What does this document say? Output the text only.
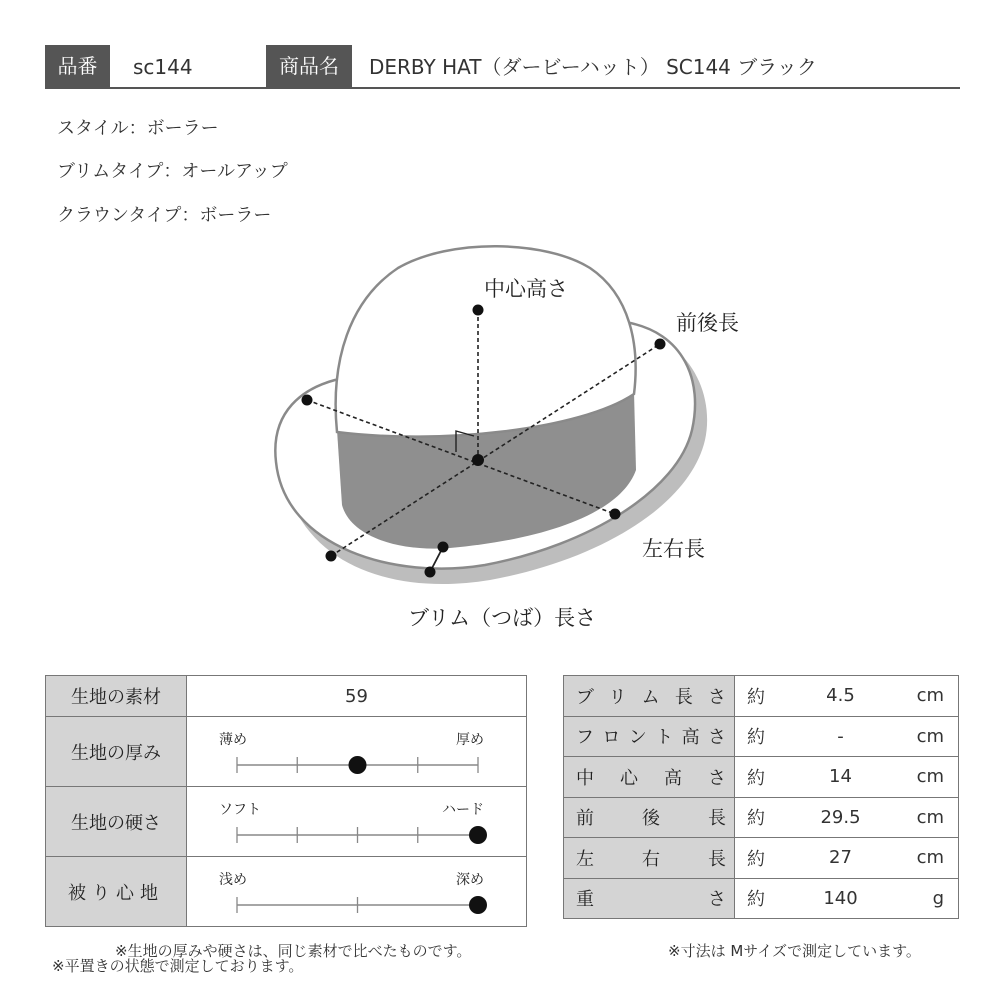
品番	sc144	商品名	DERBY HAT（ダービーハット） SC144 ブラック
スタイル：ボーラー
ブリムタイプ：オールアップ
クラウンタイプ：ボーラー
中心高さ
前後長
左右長
ブリム（つば）長さ
生地の素材	59
生地の厚み	薄め 厚め

生地の硬さ	ソフト ハード

被り心地	浅め 深め
ブリム長さ	約	4.5	cm
フロント高さ	約	-	cm
中心高さ	約	14	cm
前後長	約	29.5	cm
左右長	約	27	cm
重さ	約	140	g
※生地の厚みや硬さは、同じ素材で比べたものです。
※平置きの状態で測定しております。
※寸法は Mサイズで測定しています。
